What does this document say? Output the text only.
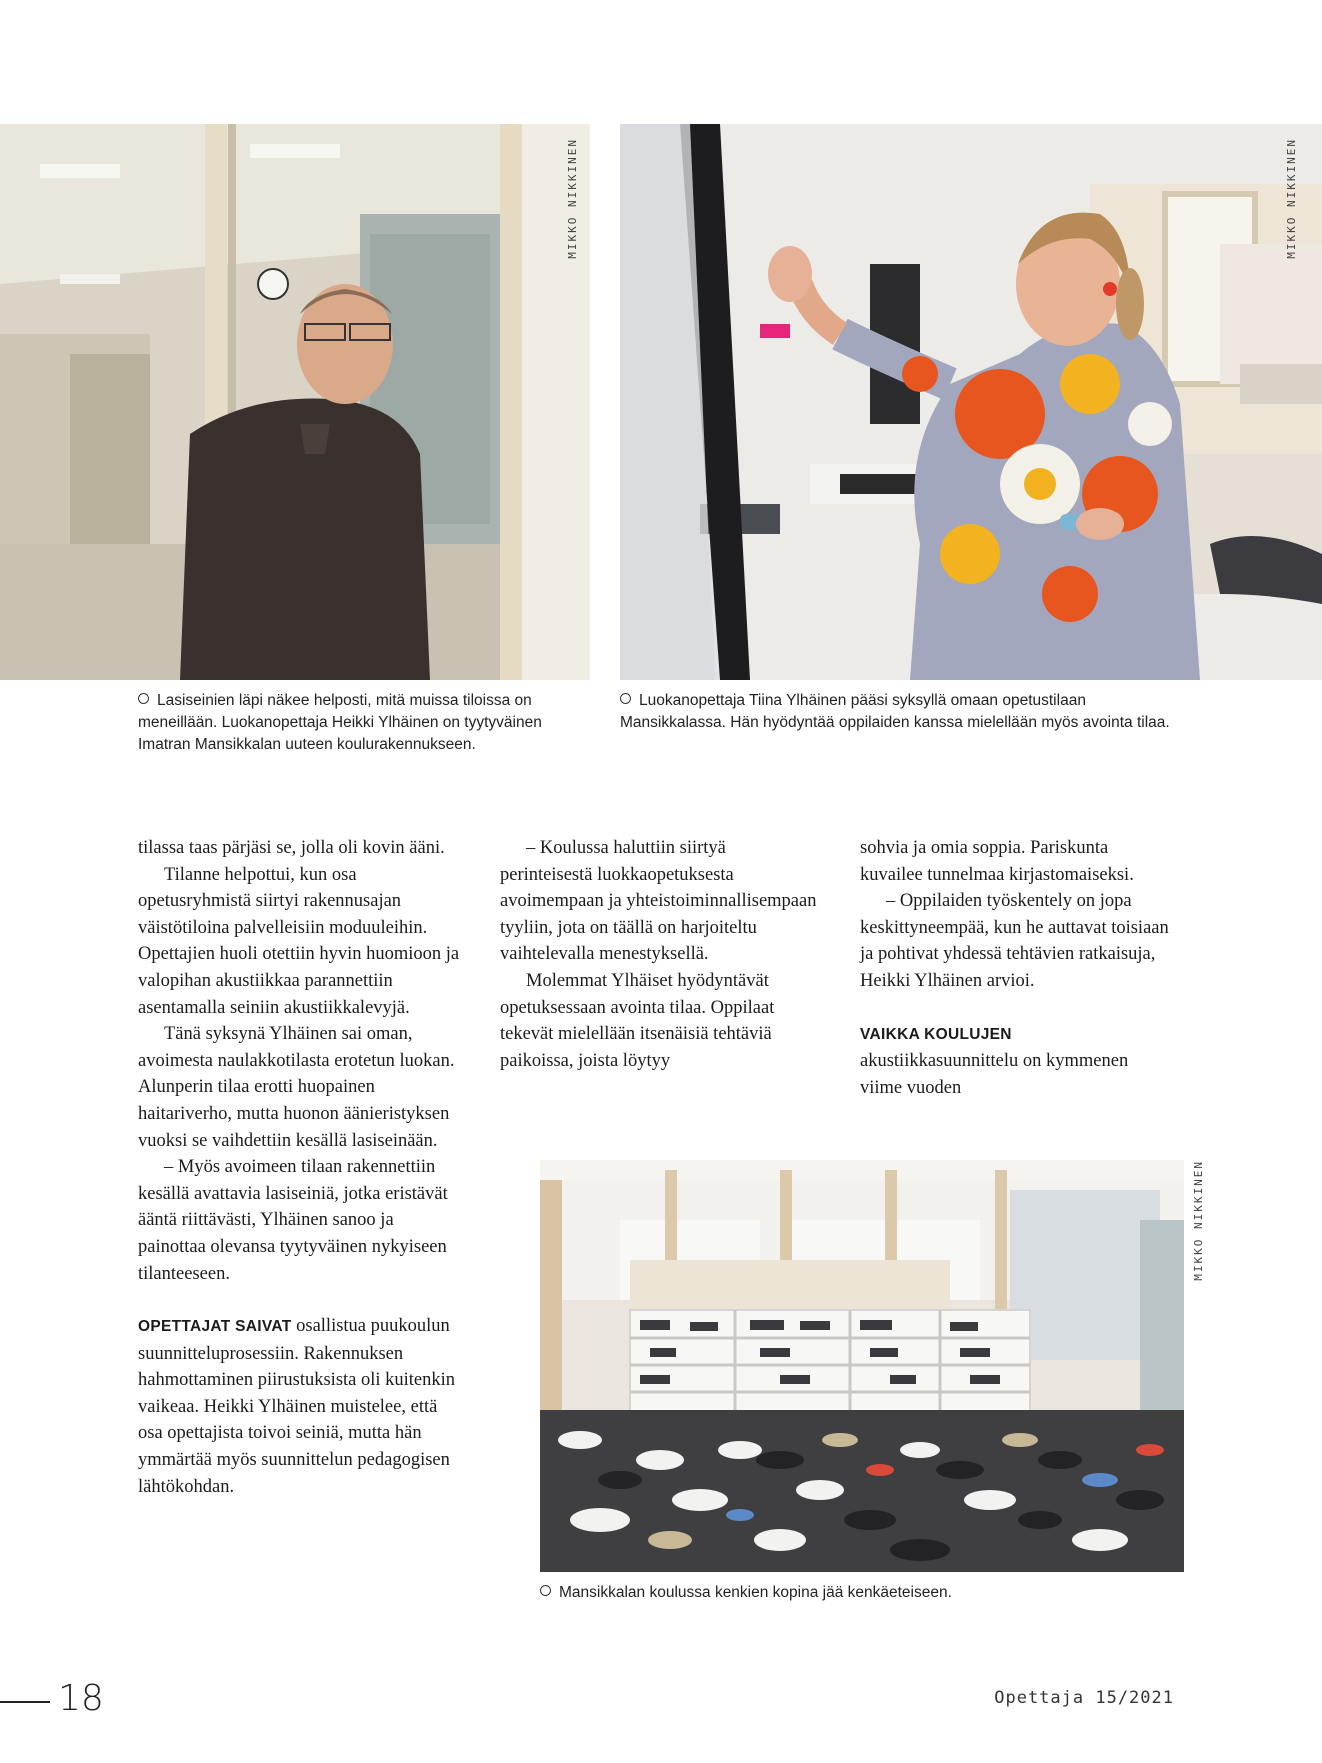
MIKKO NIKKINEN	MIKKO NIKKINEN
Lasiseinien läpi näkee helposti, mitä muissa tiloissa on meneillään. Luokanopettaja Heikki Ylhäinen on tyytyväinen Imatran Mansikkalan uuteen koulurakennukseen.
Luokanopettaja Tiina Ylhäinen pääsi syksyllä omaan opetustilaan Mansikkalassa. Hän hyödyntää oppilaiden kanssa mielellään myös avointa tilaa.

tilassa taas pärjäsi se, jolla oli kovin ääni.

Tilanne helpottui, kun osa opetusryhmistä siirtyi rakennusajan väistötiloina palvelleisiin moduuleihin. Opettajien huoli otettiin hyvin huomioon ja valopihan akustiikkaa parannettiin asentamalla seiniin akustiikkalevyjä.

Tänä syksynä Ylhäinen sai oman, avoimesta naulakkotilasta erotetun luokan. Alunperin tilaa erotti huopainen haitariverho, mutta huonon äänieristyksen vuoksi se vaihdettiin kesällä lasiseinään.

– Myös avoimeen tilaan rakennettiin kesällä avattavia lasiseiniä, jotka eristävät ääntä riittävästi, Ylhäinen sanoo ja painottaa olevansa tyytyväinen nykyiseen tilanteeseen.

OPETTAJAT SAIVAT osallistua puukoulun suunnitteluprosessiin. Rakennuksen hahmottaminen piirustuksista oli kuitenkin vaikeaa. Heikki Ylhäinen muistelee, että osa opettajista toivoi seiniä, mutta hän ymmärtää myös suunnittelun pedagogisen lähtökohdan.

– Koulussa haluttiin siirtyä perinteisestä luokkaopetuksesta avoimempaan ja yhteistoiminnallisempaan tyyliin, jota on täällä on harjoiteltu vaihtelevalla menestyksellä.

Molemmat Ylhäiset hyödyntävät opetuksessaan avointa tilaa. Oppilaat tekevät mielellään itsenäisiä tehtäviä paikoissa, joista löytyy

sohvia ja omia soppia. Pariskunta kuvailee tunnelmaa kirjastomaiseksi.

– Oppilaiden työskentely on jopa keskittyneempää, kun he auttavat toisiaan ja pohtivat yhdessä tehtävien ratkaisuja, Heikki Ylhäinen arvioi.

VAIKKA KOULUJEN akustiikkasuunnittelu on kymmenen viime vuoden

MIKKO NIKKINEN
Mansikkalan koulussa kenkien kopina jää kenkäeteiseen.
18	Opettaja 15/2021
